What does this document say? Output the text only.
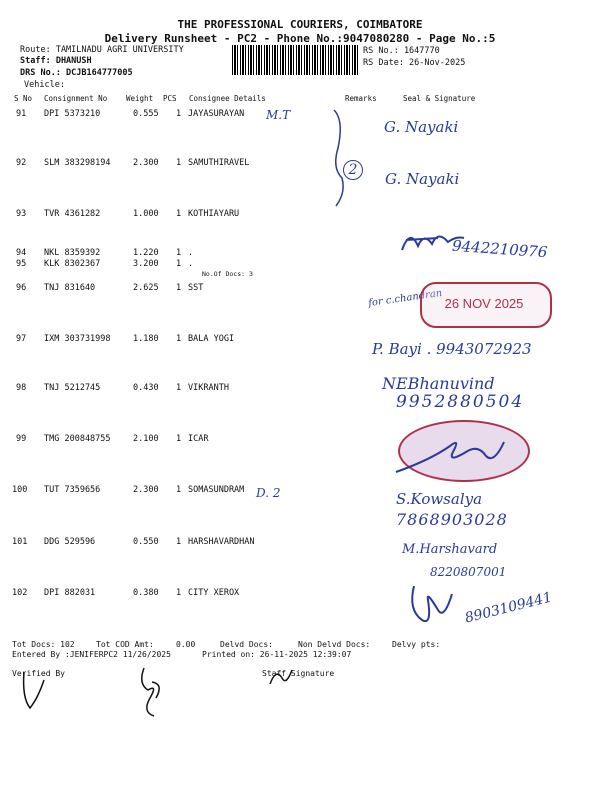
THE PROFESSIONAL COURIERS, COIMBATORE
Delivery Runsheet - PC2 - Phone No.:9047080280 - Page No.:5
Route: TAMILNADU AGRI UNIVERSITY
Staff: DHANUSH
DRS No.: DCJB164777005
Vehicle:
RS No.: 1647770
RS Date: 26-Nov-2025
S No Consignment No	Weight PCS Consignee Details	Remarks	Seal & Signature
91 DPI 5373210	0.555 1 JAYASURAYAN
92 SLM 383298194	2.300 1 SAMUTHIRAVEL
93 TVR 4361282	1.000 1 KOTHIAYARU
94 NKL 8359392	1.220 1 .
95 KLK 8302367	3.200 1 .
No.Of Docs: 3
96 TNJ 831640	2.625 1 SST
97 IXM 303731998	1.180 1 BALA YOGI
98 TNJ 5212745	0.430 1 VIKRANTH
99 TMG 200848755	2.100 1 ICAR
100 TUT 7359656	2.300 1 SOMASUNDRAM
101 DDG 529596	0.550 1 HARSHAVARDHAN
102 DPI 882031	0.380 1 CITY XEROX
M.T
G. Nayaki
2	G. Nayaki
9442210976
for c.chandran 26 NOV 2025
P. Bayi . 9943072923
NEBhanuvind
9952880504
D. 2	S.Kowsalya
7868903028
M.Harshavard
8220807001
8903109441
Tot Docs: 102	Tot COD Amt:	0.00	Delvd Docs:	Non Delvd Docs:	Delvy pts:
Entered By :JENIFERPC2 11/26/2025	Printed on: 26-11-2025 12:39:07
Verified By	Staff Signature
